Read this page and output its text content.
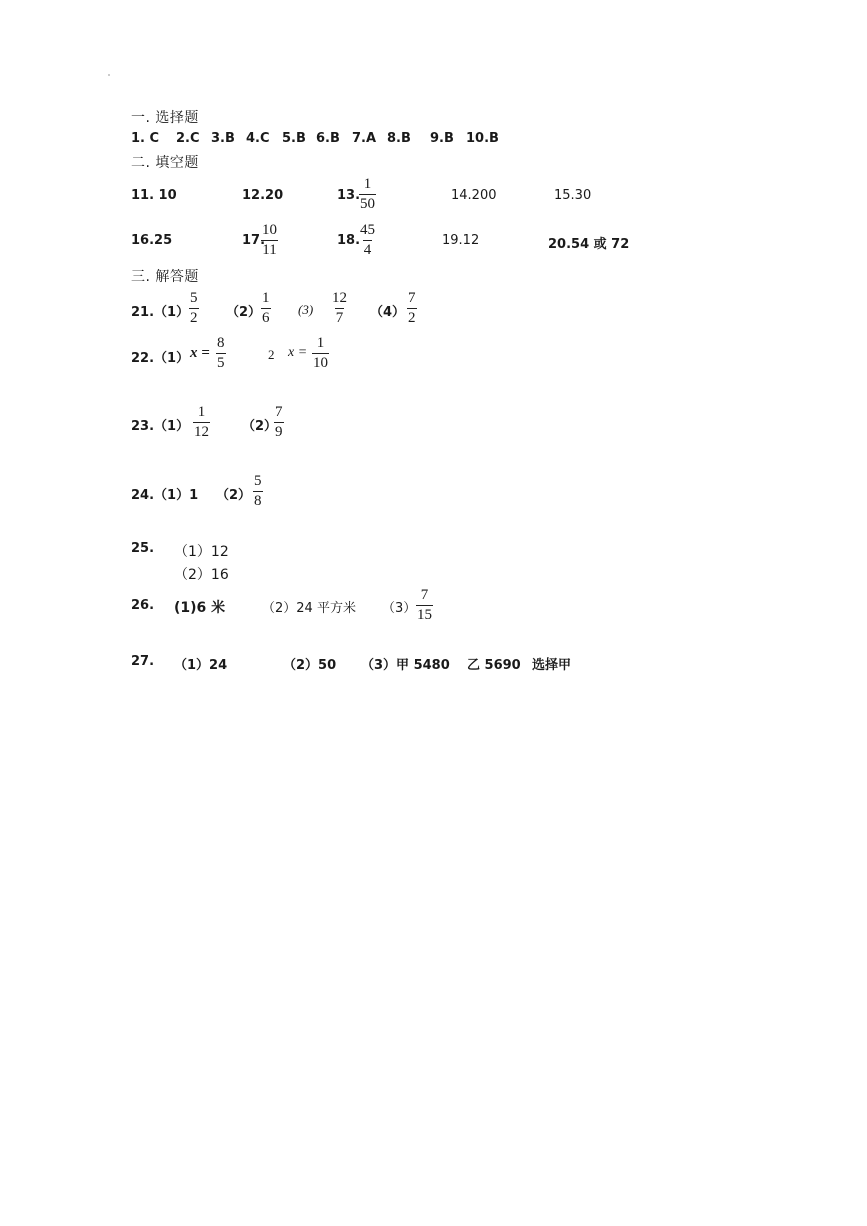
一. 选择题
1. C 2.C 3.B 4.C 5.B 6.B 7.A 8.B 9.B 10.B
二. 填空题
11. 10	12.20	13.
$\frac{1}{50}$	14.200	15.30
16.25	17.
$\frac{10}{11}$	18.
$\frac{45}{4}$	19.12	20.54 或 72
三. 解答题
$21.(1) \frac{5}{2} (2) \frac{1}{6} (3) \frac{12}{7} (4) \frac{7}{2}$
22.（1） $x = \frac{8}{5}$	2 $x = \frac{1}{10}$
$23.(1) \frac{1}{12} (2)$
$\frac{7}{9}$
24.（1）1 $(2) \frac{5}{8}$
25. （1）12
（2）16
26. (1)6 米	（2）24 平方米 $(3) \frac{7}{15}$
27. （1）24	（2）50 （3）甲 5480 乙 5690 选择甲
